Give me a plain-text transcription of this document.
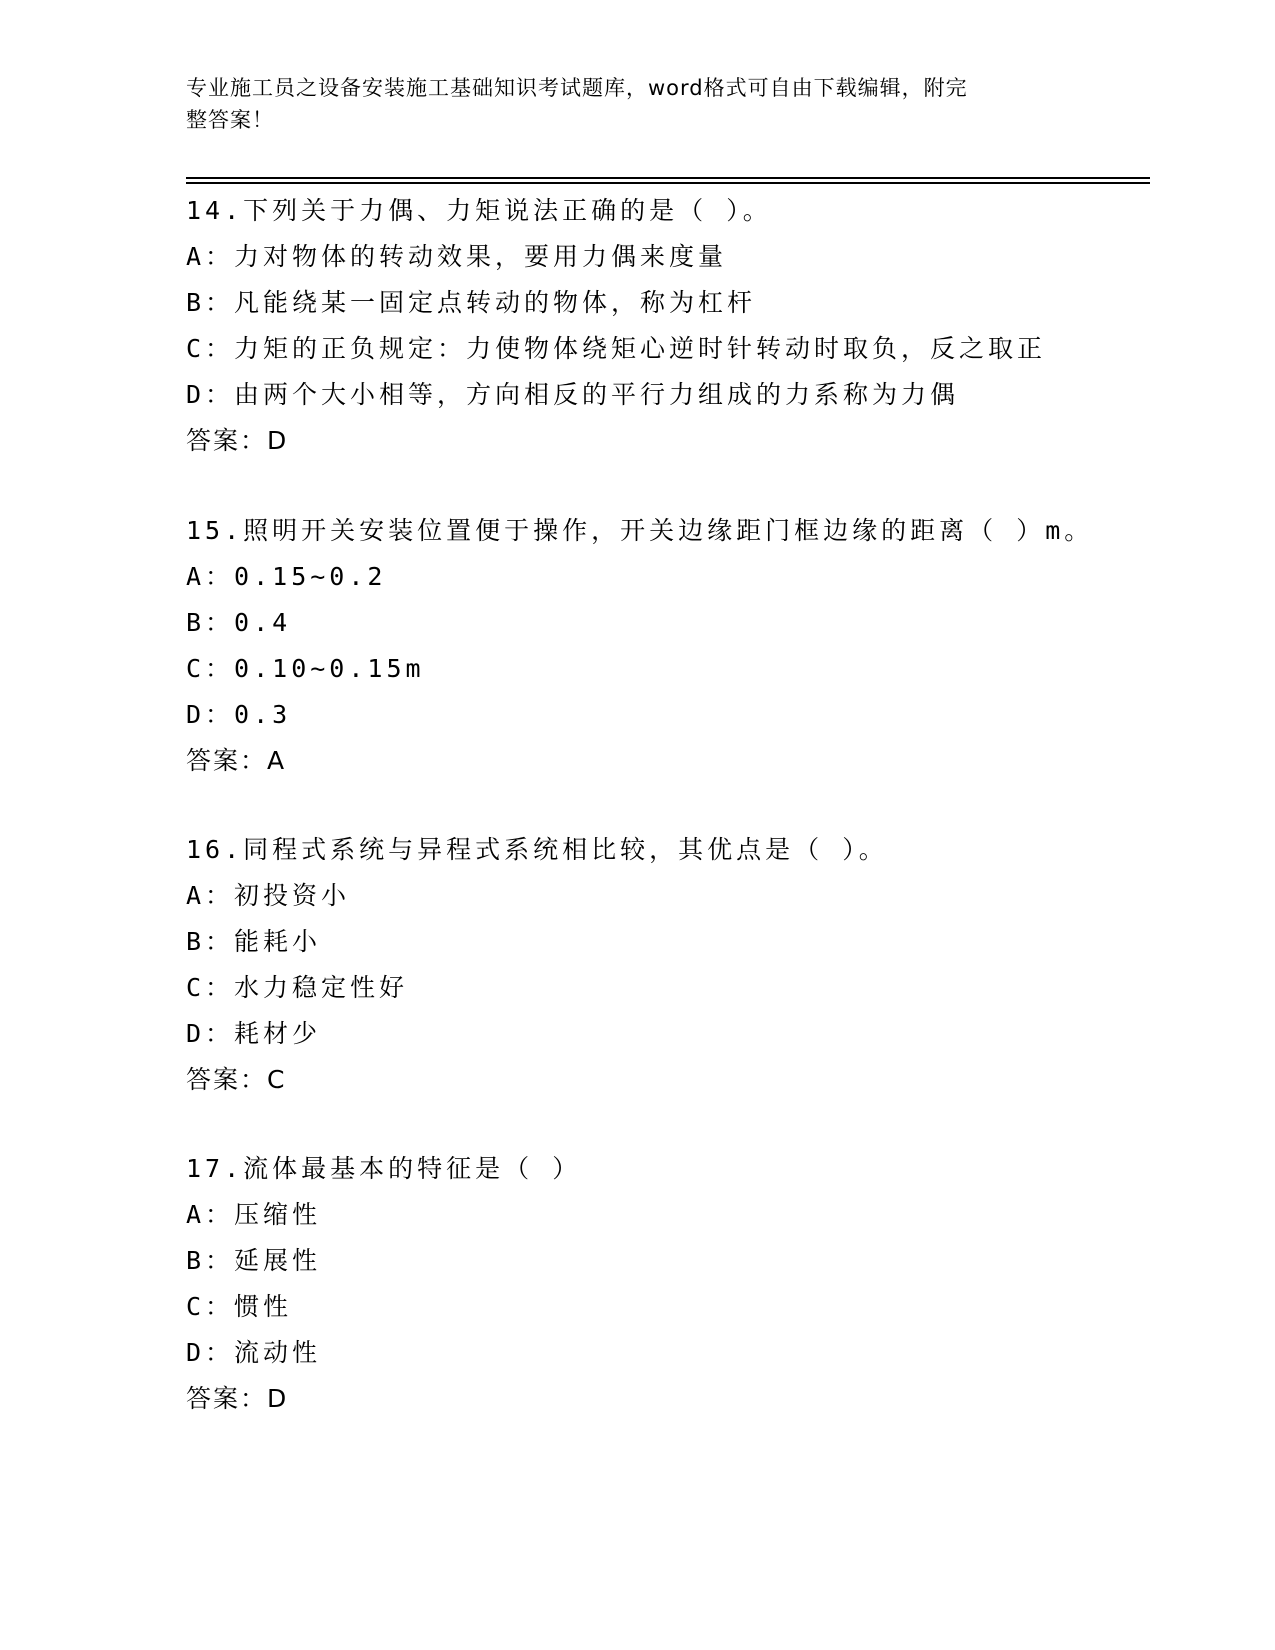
专业施工员之设备安装施工基础知识考试题库，word格式可自由下载编辑，附完
整答案！
14.下列关于力偶、力矩说法正确的是（ ）。
A：力对物体的转动效果，要用力偶来度量
B：凡能绕某一固定点转动的物体，称为杠杆
C：力矩的正负规定：力使物体绕矩心逆时针转动时取负，反之取正
D：由两个大小相等，方向相反的平行力组成的力系称为力偶
答案：D
15.照明开关安装位置便于操作，开关边缘距门框边缘的距离（ ）m。
A：0.15~0.2
B：0.4
C：0.10~0.15m
D：0.3
答案：A
16.同程式系统与异程式系统相比较，其优点是（ ）。
A：初投资小
B：能耗小
C：水力稳定性好
D：耗材少
答案：C
17.流体最基本的特征是（ ）
A：压缩性
B：延展性
C：惯性
D：流动性
答案：D
